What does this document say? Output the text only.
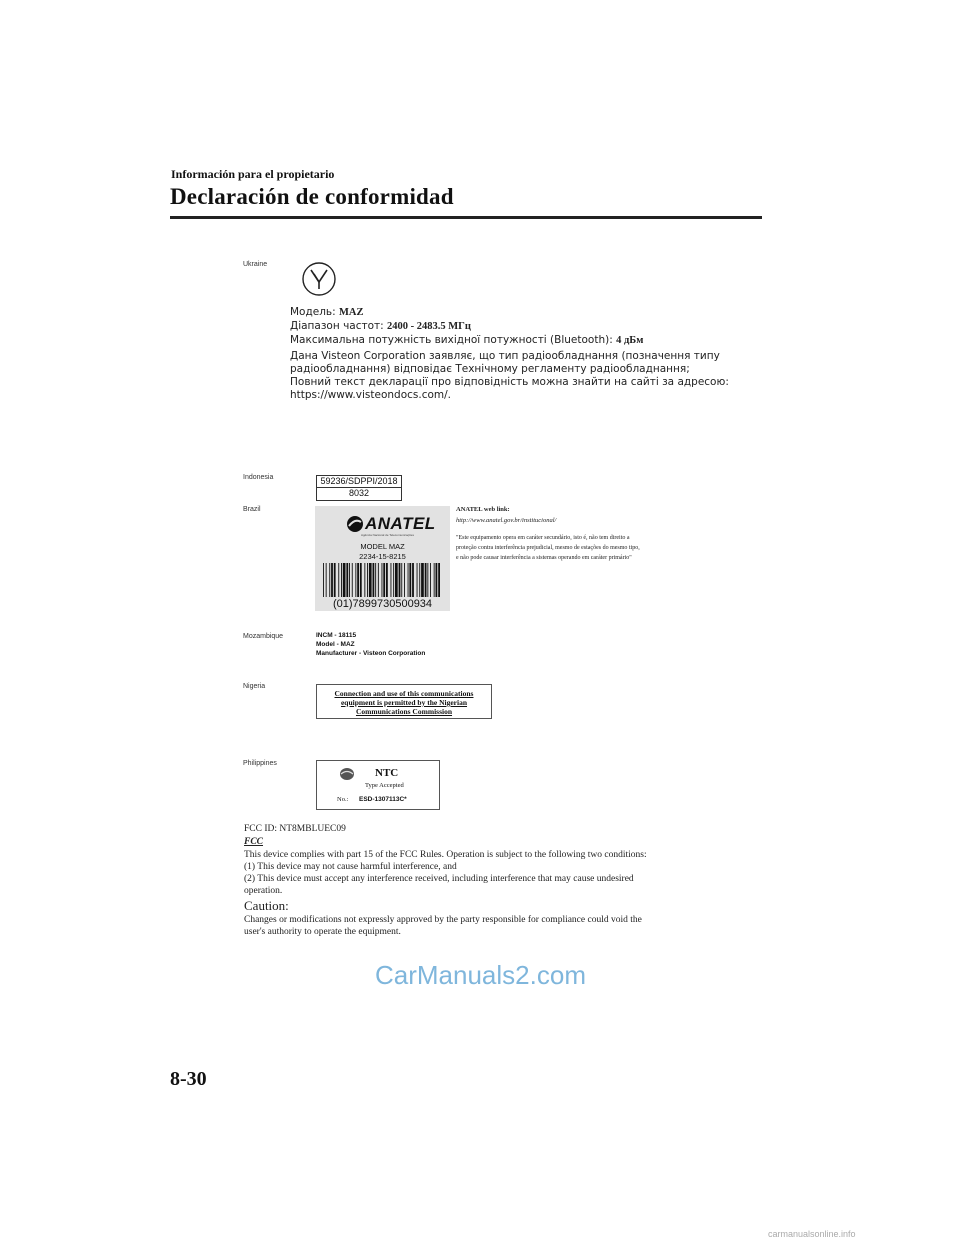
Información para el propietario
Declaración de conformidad
Ukraine
Модель: MAZ
Діапазон частот: 2400 - 2483.5 МГц
Максимальна потужність вихідної потужності (Bluetooth): 4 дБм
Дана Visteon Corporation заявляє, що тип радіообладнання (позначення типу
радіообладнання) відповідає Технічному регламенту радіообладнання;
Повний текст декларації про відповідність можна знайти на сайті за адресою:
https://www.visteondocs.com/.
Indonesia	59236/SDPPI/2018
8032
Brazil
ANATEL
Agência Nacional de Telecomunicações
MODEL MAZ
2234-15-8215
(01)7899730500934
ANATEL web link:
http://www.anatel.gov.br/institucional/
"Este equipamento opera em caráter secundário, isto é, não tem direito a
proteção contra interferência prejudicial, mesmo de estações do mesmo tipo,
e não pode causar interferência a sistemas operando em caráter primário"
Mozambique	INCM - 18115
Model - MAZ
Manufacturer - Visteon Corporation
Nigeria
Connection and use of this communications
equipment is permitted by the Nigerian
Communications Commission
Philippines
NTC
Type Accepted
No.: ESD-1307113C*
FCC ID: NT8MBLUEC09
FCC
This device complies with part 15 of the FCC Rules. Operation is subject to the following two conditions:
(1) This device may not cause harmful interference, and
(2) This device must accept any interference received, including interference that may cause undesired
operation.
Caution:
Changes or modifications not expressly approved by the party responsible for compliance could void the
user's authority to operate the equipment.
CarManuals2.com
8-30
carmanualsonline.info
